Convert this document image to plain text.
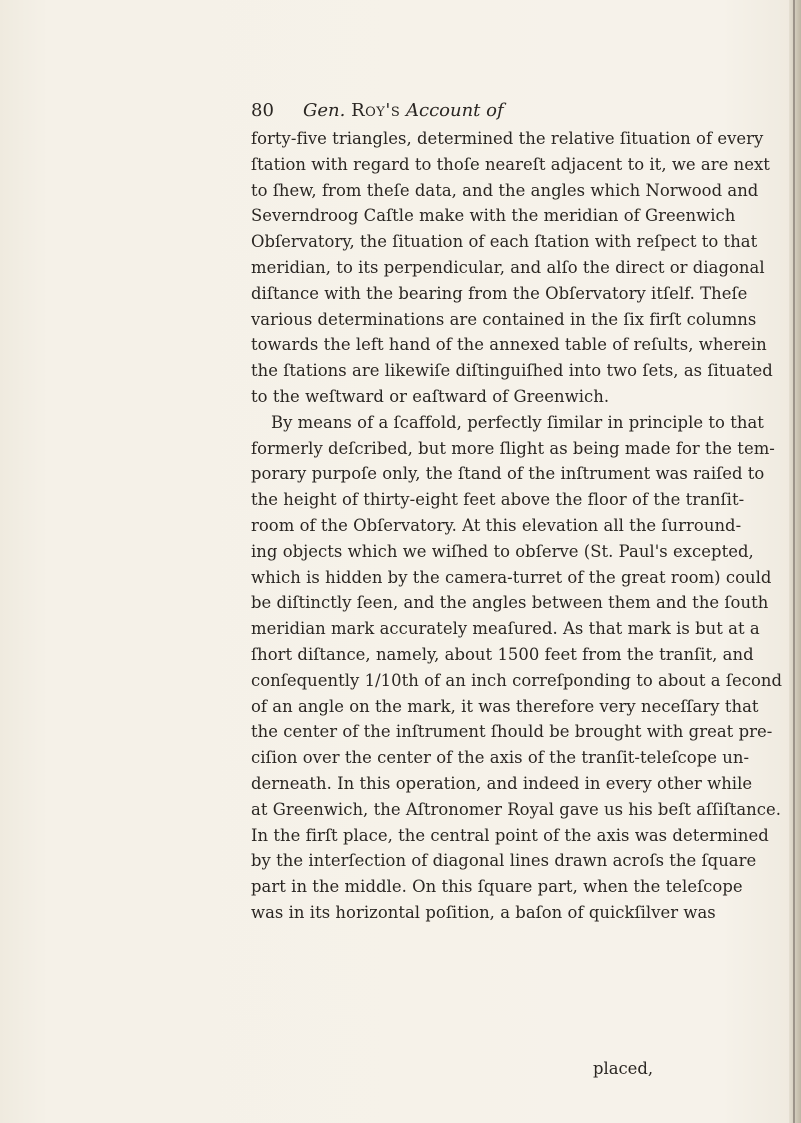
80 Gen. Roy's Account of
forty-five triangles, determined the relative ſituation of every
ſtation with regard to thoſe neareſt adjacent to it, we are next
to ſhew, from theſe data, and the angles which Norwood and
Severndroog Caſtle make with the meridian of Greenwich
Obſervatory, the ſituation of each ſtation with reſpect to that
meridian, to its perpendicular, and alſo the direct or diagonal
diſtance with the bearing from the Obſervatory itſelf. Theſe
various determinations are contained in the ſix firſt columns
towards the left hand of the annexed table of reſults, wherein
the ſtations are likewiſe diſtinguiſhed into two ſets, as ſituated
to the weſtward or eaſtward of Greenwich.
By means of a ſcaffold, perfectly ſimilar in principle to that
formerly deſcribed, but more ſlight as being made for the tem-
porary purpoſe only, the ſtand of the inſtrument was raiſed to
the height of thirty-eight feet above the floor of the tranſit-
room of the Obſervatory. At this elevation all the ſurround-
ing objects which we wiſhed to obſerve (St. Paul's excepted,
which is hidden by the camera-turret of the great room) could
be diſtinctly ſeen, and the angles between them and the ſouth
meridian mark accurately meaſured. As that mark is but at a
ſhort diſtance, namely, about 1500 feet from the tranſit, and
conſequently 1/10th of an inch correſponding to about a ſecond
of an angle on the mark, it was therefore very neceſſary that
the center of the inſtrument ſhould be brought with great pre-
ciſion over the center of the axis of the tranſit-teleſcope un-
derneath. In this operation, and indeed in every other while
at Greenwich, the Aſtronomer Royal gave us his beſt aſſiſtance.
In the firſt place, the central point of the axis was determined
by the interſection of diagonal lines drawn acroſs the ſquare
part in the middle. On this ſquare part, when the teleſcope
was in its horizontal poſition, a baſon of quickſilver was
placed,
